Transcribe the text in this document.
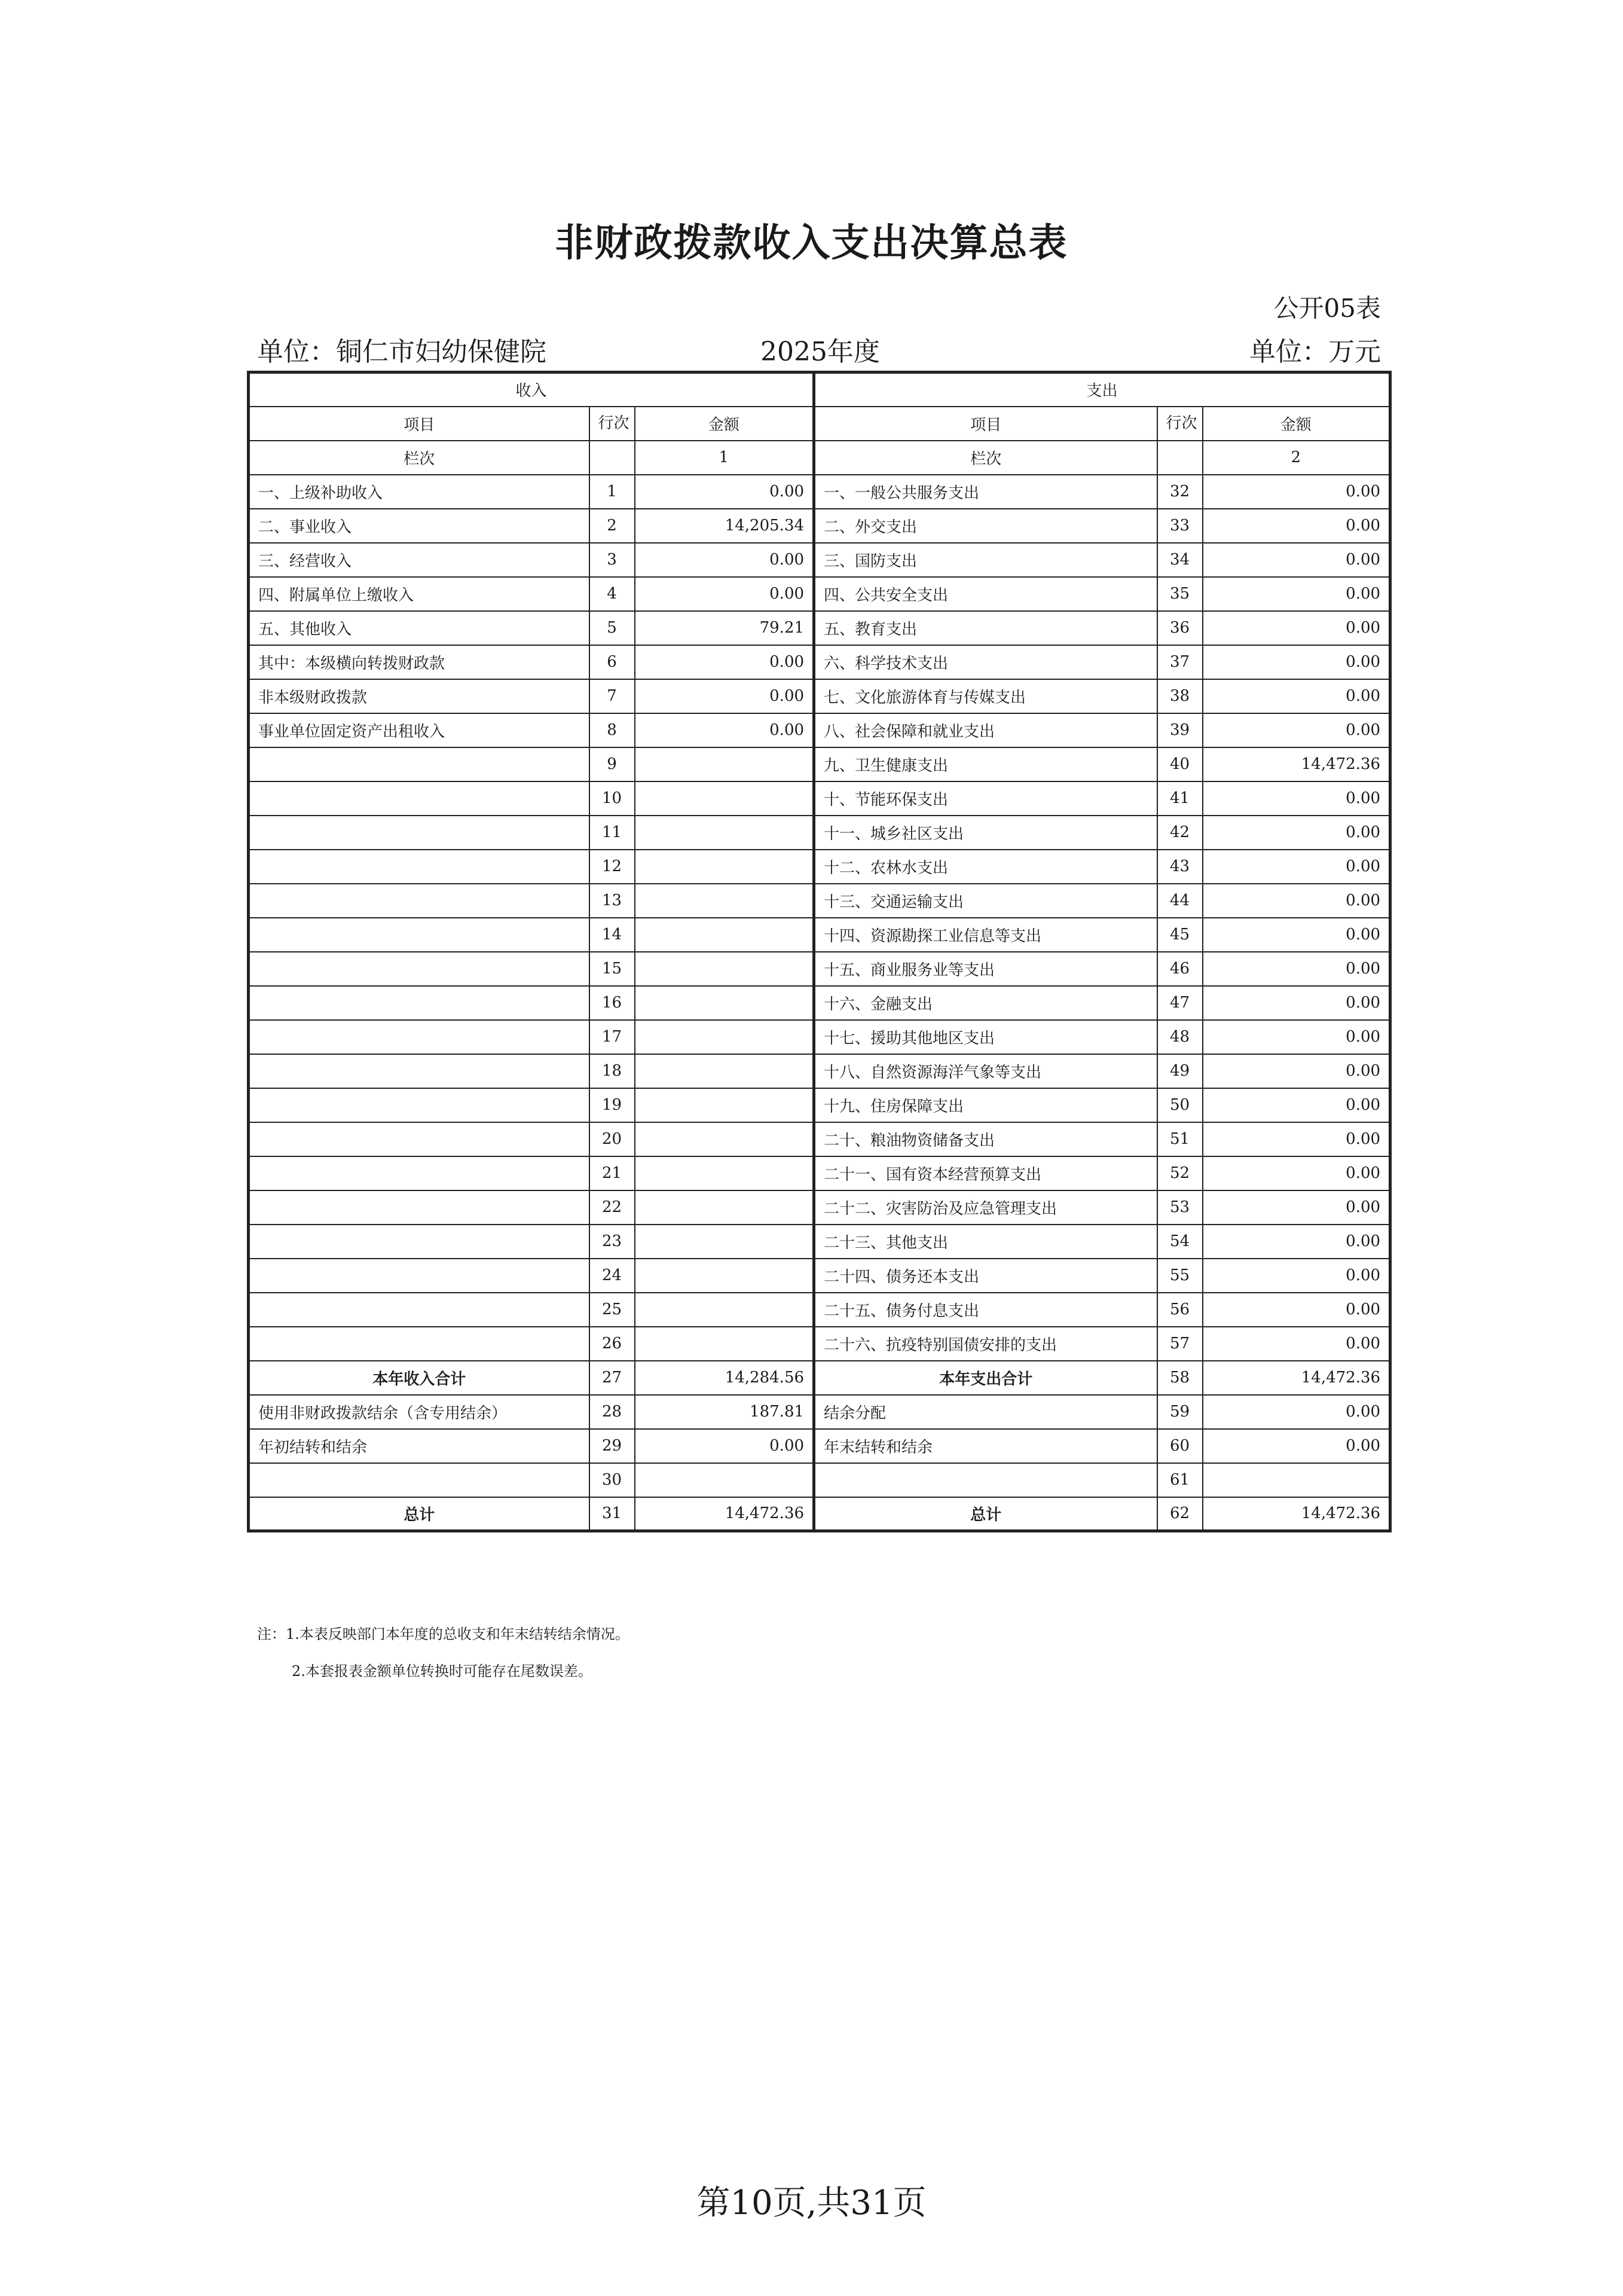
非财政拨款收入支出决算总表
公开05表
单位：铜仁市妇幼保健院	2025年度	单位：万元
收入			支出		
项目	行次	金额	项目	行次	金额
栏次		1	栏次		2
一、上级补助收入	1	0.00	一、一般公共服务支出	32	0.00
二、事业收入	2	14,205.34	二、外交支出	33	0.00
三、经营收入	3	0.00	三、国防支出	34	0.00
四、附属单位上缴收入	4	0.00	四、公共安全支出	35	0.00
五、其他收入	5	79.21	五、教育支出	36	0.00
其中：本级横向转拨财政款	6	0.00	六、科学技术支出	37	0.00
非本级财政拨款	7	0.00	七、文化旅游体育与传媒支出	38	0.00
事业单位固定资产出租收入	8	0.00	八、社会保障和就业支出	39	0.00
	9		九、卫生健康支出	40	14,472.36
	10		十、节能环保支出	41	0.00
	11		十一、城乡社区支出	42	0.00
	12		十二、农林水支出	43	0.00
	13		十三、交通运输支出	44	0.00
	14		十四、资源勘探工业信息等支出	45	0.00
	15		十五、商业服务业等支出	46	0.00
	16		十六、金融支出	47	0.00
	17		十七、援助其他地区支出	48	0.00
	18		十八、自然资源海洋气象等支出	49	0.00
	19		十九、住房保障支出	50	0.00
	20		二十、粮油物资储备支出	51	0.00
	21		二十一、国有资本经营预算支出	52	0.00
	22		二十二、灾害防治及应急管理支出	53	0.00
	23		二十三、其他支出	54	0.00
	24		二十四、债务还本支出	55	0.00
	25		二十五、债务付息支出	56	0.00
	26		二十六、抗疫特别国债安排的支出	57	0.00
本年收入合计	27	14,284.56	本年支出合计	58	14,472.36
使用非财政拨款结余（含专用结余）	28	187.81	结余分配	59	0.00
年初结转和结余	29	0.00	年末结转和结余	60	0.00
	30			61	
总计	31	14,472.36	总计	62	14,472.36
注：1.本表反映部门本年度的总收支和年末结转结余情况。
2.本套报表金额单位转换时可能存在尾数误差。
第10页,共31页
